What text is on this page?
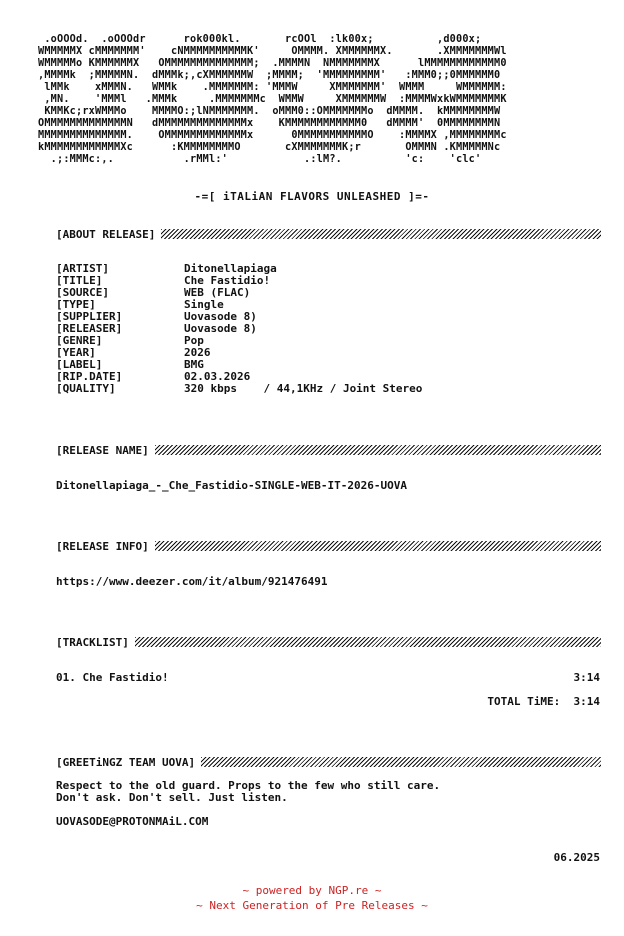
.oOOOd.  .oOOOdr      rok000kl.       rcOOl  :lk00x;          ,d000x;
WMMMMMX cMMMMMMM'    cNMMMMMMMMMMK'     OMMMM. XMMMMMMX.       .XMMMMMMMWl
WMMMMMo KMMMMMMX   OMMMMMMMMMMMMMM;  .MMMMN  NMMMMMMMX      lMMMMMMMMMMMM0
,MMMMk  ;MMMMMN.  dMMMk;,cXMMMMMMW  ;MMMM;  'MMMMMMMMM'   :MMM0;;0MMMMMM0
lMMk    xMMMN.   WMMk    .MMMMMMM: 'MMMW     XMMMMMMM'  WMMM     WMMMMMM:
,MN.    'MMMl   .MMMk     .MMMMMMMc  WMMW     XMMMMMMW  :MMMMWxkWMMMMMMMK
KMMKc;rxWMMMo    MMMMO:;lNMMMMMMM.  oMMM0::OMMMMMMMo  dMMMM.  kMMMMMMMMW
OMMMMMMMMMMMMMN   dMMMMMMMMMMMMMMx    KMMMMMMMMMMMM0   dMMMM'  0MMMMMMMMN
MMMMMMMMMMMMMM.    OMMMMMMMMMMMMMx      0MMMMMMMMMMMO    :MMMMX ,MMMMMMMMc
kMMMMMMMMMMMMXc      :KMMMMMMMMO       cXMMMMMMMK;r       OMMMN .KMMMMMNc
.;:MMMc:,.           .rMMl:'            .:lM?.          'c:    'clc'
-=[ iTALiAN FLAVORS UNLEASHED ]=-
[ABOUT RELEASE]
[ARTIST]	Ditonellapiaga
[TITLE]	Che Fastidio!
[SOURCE]	WEB (FLAC)
[TYPE]	Single
[SUPPLIER]	Uovasode 8)
[RELEASER]	Uovasode 8)
[GENRE]	Pop
[YEAR]	2026
[LABEL]	BMG
[RIP.DATE]	02.03.2026
[QUALITY]	320 kbps    / 44,1KHz / Joint Stereo
[RELEASE NAME]
Ditonellapiaga_-_Che_Fastidio-SINGLE-WEB-IT-2026-UOVA
[RELEASE INFO]
https://www.deezer.com/it/album/921476491
[TRACKLIST]
01. Che Fastidio!	3:14
TOTAL TiME:  3:14
[GREETiNGZ TEAM UOVA]
Respect to the old guard. Props to the few who still care.
Don't ask. Don't sell. Just listen.
UOVASODE@PROTONMAiL.COM
06.2025
~ powered by NGP.re ~
~ Next Generation of Pre Releases ~
